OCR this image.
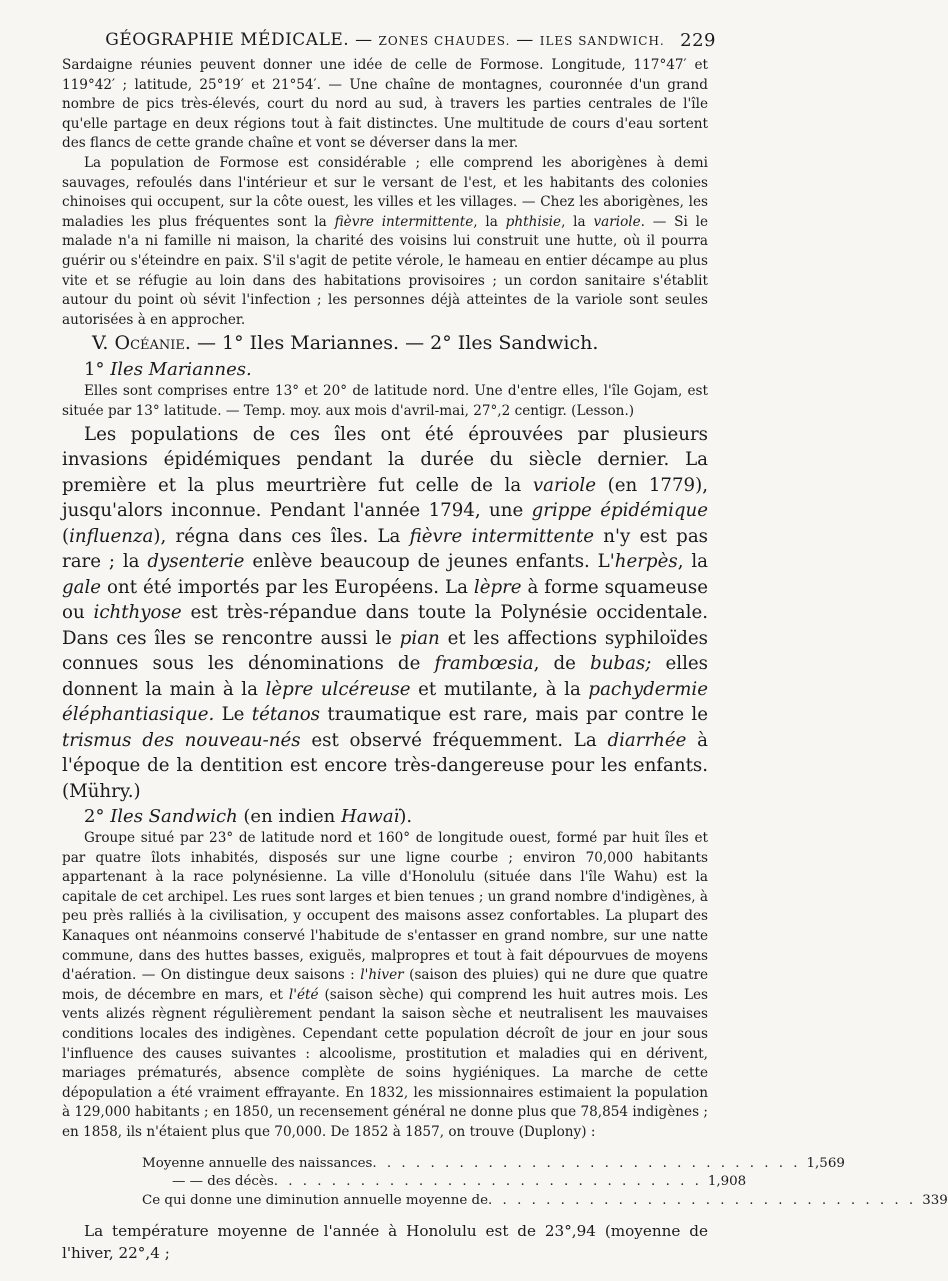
GÉOGRAPHIE MÉDICALE. — ZONES CHAUDES. — ILES SANDWICH. 229

Sardaigne réunies peuvent donner une idée de celle de Formose. Longitude, 117°47′ et 119°42′ ; latitude, 25°19′ et 21°54′. — Une chaîne de montagnes, couronnée d'un grand nombre de pics très-élevés, court du nord au sud, à travers les parties centrales de l'île qu'elle partage en deux régions tout à fait distinctes. Une multitude de cours d'eau sortent des flancs de cette grande chaîne et vont se déverser dans la mer.

La population de Formose est considérable ; elle comprend les aborigènes à demi sauvages, refoulés dans l'intérieur et sur le versant de l'est, et les habitants des colonies chinoises qui occupent, sur la côte ouest, les villes et les villages. — Chez les aborigènes, les maladies les plus fréquentes sont la fièvre intermittente, la phthisie, la variole. — Si le malade n'a ni famille ni maison, la charité des voisins lui construit une hutte, où il pourra guérir ou s'éteindre en paix. S'il s'agit de petite vérole, le hameau en entier décampe au plus vite et se réfugie au loin dans des habitations provisoires ; un cordon sanitaire s'établit autour du point où sévit l'infection ; les personnes déjà atteintes de la variole sont seules autorisées à en approcher.

V. Océanie. — 1° Iles Mariannes. — 2° Iles Sandwich.
1° Iles Mariannes.

Elles sont comprises entre 13° et 20° de latitude nord. Une d'entre elles, l'île Gojam, est située par 13° latitude. — Temp. moy. aux mois d'avril-mai, 27°,2 centigr. (Lesson.)

Les populations de ces îles ont été éprouvées par plusieurs invasions épidémiques pendant la durée du siècle dernier. La première et la plus meurtrière fut celle de la variole (en 1779), jusqu'alors inconnue. Pendant l'année 1794, une grippe épidémique (influenza), régna dans ces îles. La fièvre intermittente n'y est pas rare ; la dysenterie enlève beaucoup de jeunes enfants. L'herpès, la gale ont été importés par les Européens. La lèpre à forme squameuse ou ichthyose est très-répandue dans toute la Polynésie occidentale. Dans ces îles se rencontre aussi le pian et les affections syphiloïdes connues sous les dénominations de frambœsia, de bubas; elles donnent la main à la lèpre ulcéreuse et mutilante, à la pachydermie éléphantiasique. Le tétanos traumatique est rare, mais par contre le trismus des nouveau-nés est observé fréquemment. La diarrhée à l'époque de la dentition est encore très-dangereuse pour les enfants. (Mühry.)

2° Iles Sandwich (en indien Hawaï).

Groupe situé par 23° de latitude nord et 160° de longitude ouest, formé par huit îles et par quatre îlots inhabités, disposés sur une ligne courbe ; environ 70,000 habitants appartenant à la race polynésienne. La ville d'Honolulu (située dans l'île Wahu) est la capitale de cet archipel. Les rues sont larges et bien tenues ; un grand nombre d'indigènes, à peu près ralliés à la civilisation, y occupent des maisons assez confortables. La plupart des Kanaques ont néanmoins conservé l'habitude de s'entasser en grand nombre, sur une natte commune, dans des huttes basses, exiguës, malpropres et tout à fait dépourvues de moyens d'aération. — On distingue deux saisons : l'hiver (saison des pluies) qui ne dure que quatre mois, de décembre en mars, et l'été (saison sèche) qui comprend les huit autres mois. Les vents alizés règnent régulièrement pendant la saison sèche et neutralisent les mauvaises conditions locales des indigènes. Cependant cette population décroît de jour en jour sous l'influence des causes suivantes : alcoolisme, prostitution et maladies qui en dérivent, mariages prématurés, absence complète de soins hygiéniques. La marche de cette dépopulation a été vraiment effrayante. En 1832, les missionnaires estimaient la population à 129,000 habitants ; en 1850, un recensement général ne donne plus que 78,854 indigènes ; en 1858, ils n'étaient plus que 70,000. De 1852 à 1857, on trouve (Duplony) :

Moyenne annuelle des naissances . . . . . . . . . . . . . . . . . . . . . . . . . . . . . . 1,569
— — des décès . . . . . . . . . . . . . . . . . . . . . . . . . . . . . . 1,908
Ce qui donne une diminution annuelle moyenne de . . . . . . . . . . . . . . . . . . . . . . . . . . . . . . 339

La température moyenne de l'année à Honolulu est de 23°,94 (moyenne de l'hiver, 22°,4 ;
